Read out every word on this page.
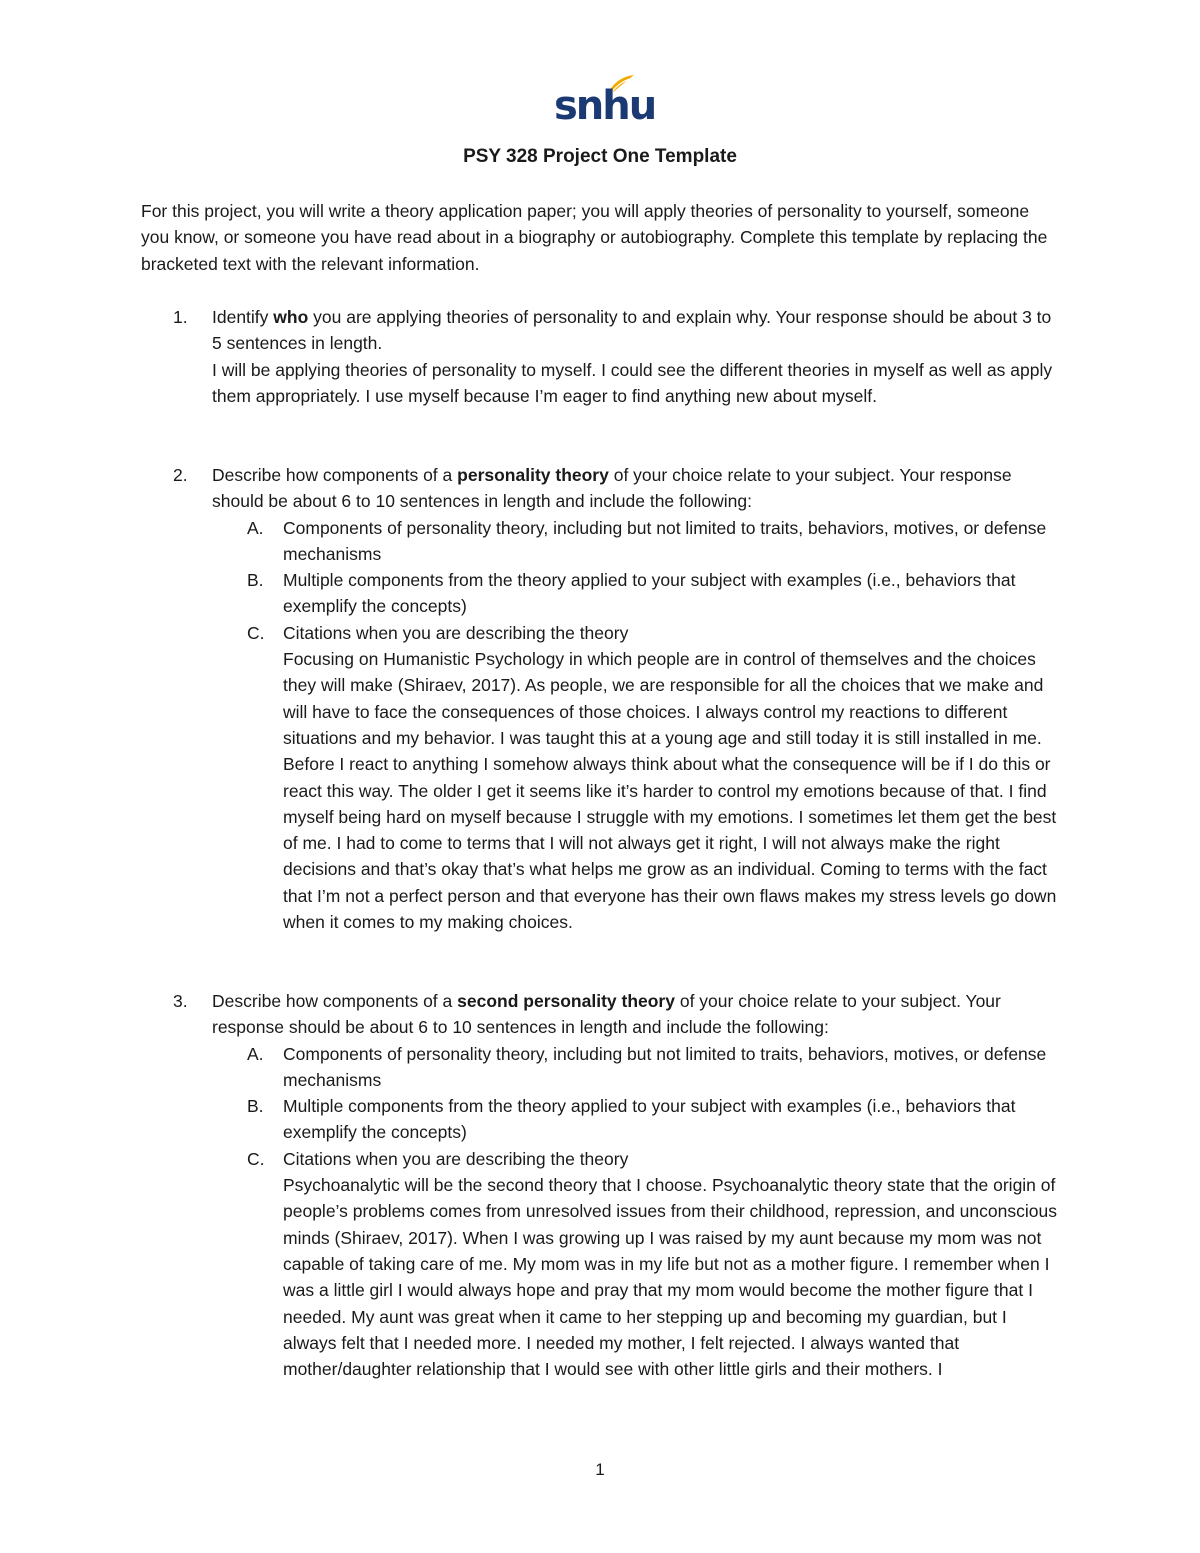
snhu
PSY 328 Project One Template
For this project, you will write a theory application paper; you will apply theories of personality to yourself, someone you know, or someone you have read about in a biography or autobiography. Complete this template by replacing the bracketed text with the relevant information.
1. Identify who you are applying theories of personality to and explain why. Your response should be about 3 to 5 sentences in length.
I will be applying theories of personality to myself. I could see the different theories in myself as well as apply them appropriately. I use myself because I’m eager to find anything new about myself.
2. Describe how components of a personality theory of your choice relate to your subject. Your response should be about 6 to 10 sentences in length and include the following:
A. Components of personality theory, including but not limited to traits, behaviors, motives, or defense mechanisms
B. Multiple components from the theory applied to your subject with examples (i.e., behaviors that exemplify the concepts)
C. Citations when you are describing the theory
Focusing on Humanistic Psychology in which people are in control of themselves and the choices they will make (Shiraev, 2017). As people, we are responsible for all the choices that we make and will have to face the consequences of those choices. I always control my reactions to different situations and my behavior. I was taught this at a young age and still today it is still installed in me. Before I react to anything I somehow always think about what the consequence will be if I do this or react this way. The older I get it seems like it’s harder to control my emotions because of that. I find myself being hard on myself because I struggle with my emotions. I sometimes let them get the best of me. I had to come to terms that I will not always get it right, I will not always make the right decisions and that’s okay that’s what helps me grow as an individual. Coming to terms with the fact that I’m not a perfect person and that everyone has their own flaws makes my stress levels go down when it comes to my making choices.
3. Describe how components of a second personality theory of your choice relate to your subject. Your response should be about 6 to 10 sentences in length and include the following:
A. Components of personality theory, including but not limited to traits, behaviors, motives, or defense mechanisms
B. Multiple components from the theory applied to your subject with examples (i.e., behaviors that exemplify the concepts)
C. Citations when you are describing the theory
Psychoanalytic will be the second theory that I choose. Psychoanalytic theory state that the origin of people’s problems comes from unresolved issues from their childhood, repression, and unconscious minds (Shiraev, 2017). When I was growing up I was raised by my aunt because my mom was not capable of taking care of me. My mom was in my life but not as a mother figure. I remember when I was a little girl I would always hope and pray that my mom would become the mother figure that I needed. My aunt was great when it came to her stepping up and becoming my guardian, but I always felt that I needed more. I needed my mother, I felt rejected. I always wanted that mother/daughter relationship that I would see with other little girls and their mothers. I
1
